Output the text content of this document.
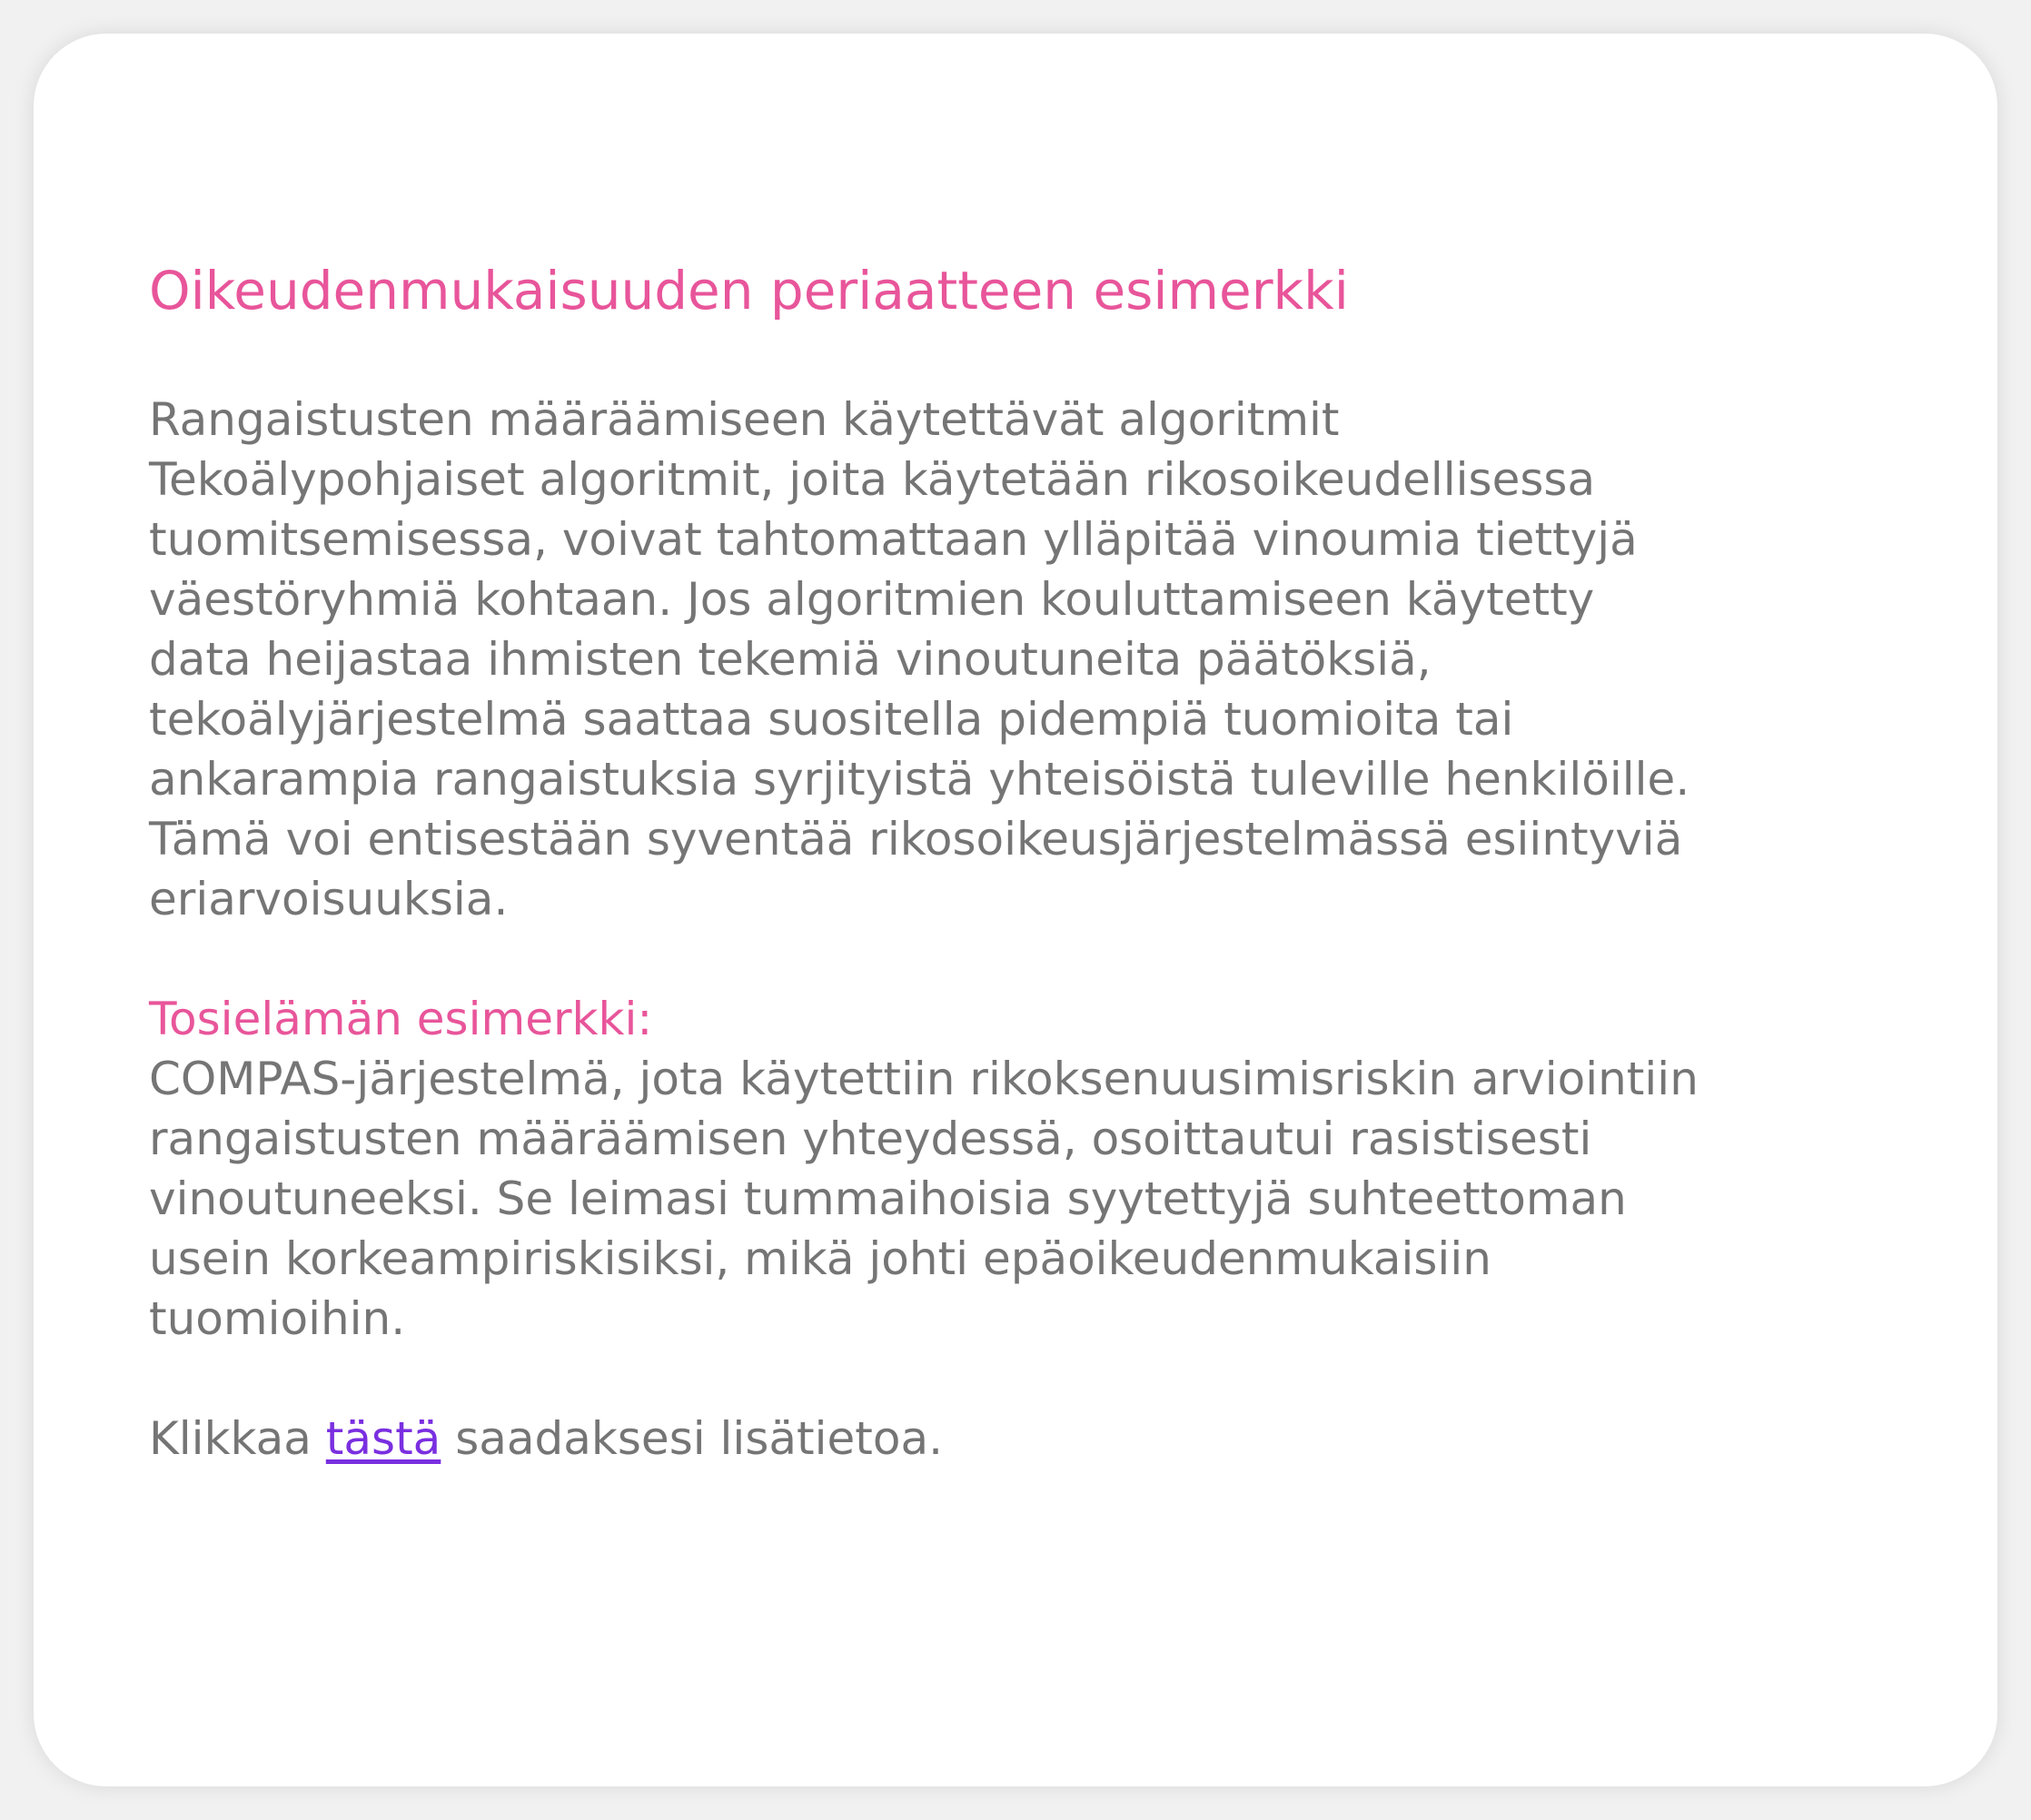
Oikeudenmukaisuuden periaatteen esimerkki

Rangaistusten määräämiseen käytettävät algoritmit
Tekoälypohjaiset algoritmit, joita käytetään rikosoikeudellisessa
tuomitsemisessa, voivat tahtomattaan ylläpitää vinoumia tiettyjä
väestöryhmiä kohtaan. Jos algoritmien kouluttamiseen käytetty
data heijastaa ihmisten tekemiä vinoutuneita päätöksiä,
tekoälyjärjestelmä saattaa suositella pidempiä tuomioita tai
ankarampia rangaistuksia syrjityistä yhteisöistä tuleville henkilöille.
Tämä voi entisestään syventää rikosoikeusjärjestelmässä esiintyviä
eriarvoisuuksia.

Tosielämän esimerkki:

COMPAS-järjestelmä, jota käytettiin rikoksenuusimisriskin arviointiin
rangaistusten määräämisen yhteydessä, osoittautui rasistisesti
vinoutuneeksi. Se leimasi tummaihoisia syytettyjä suhteettoman
usein korkeampiriskisiksi, mikä johti epäoikeudenmukaisiin
tuomioihin.

Klikkaa tästä saadaksesi lisätietoa.
